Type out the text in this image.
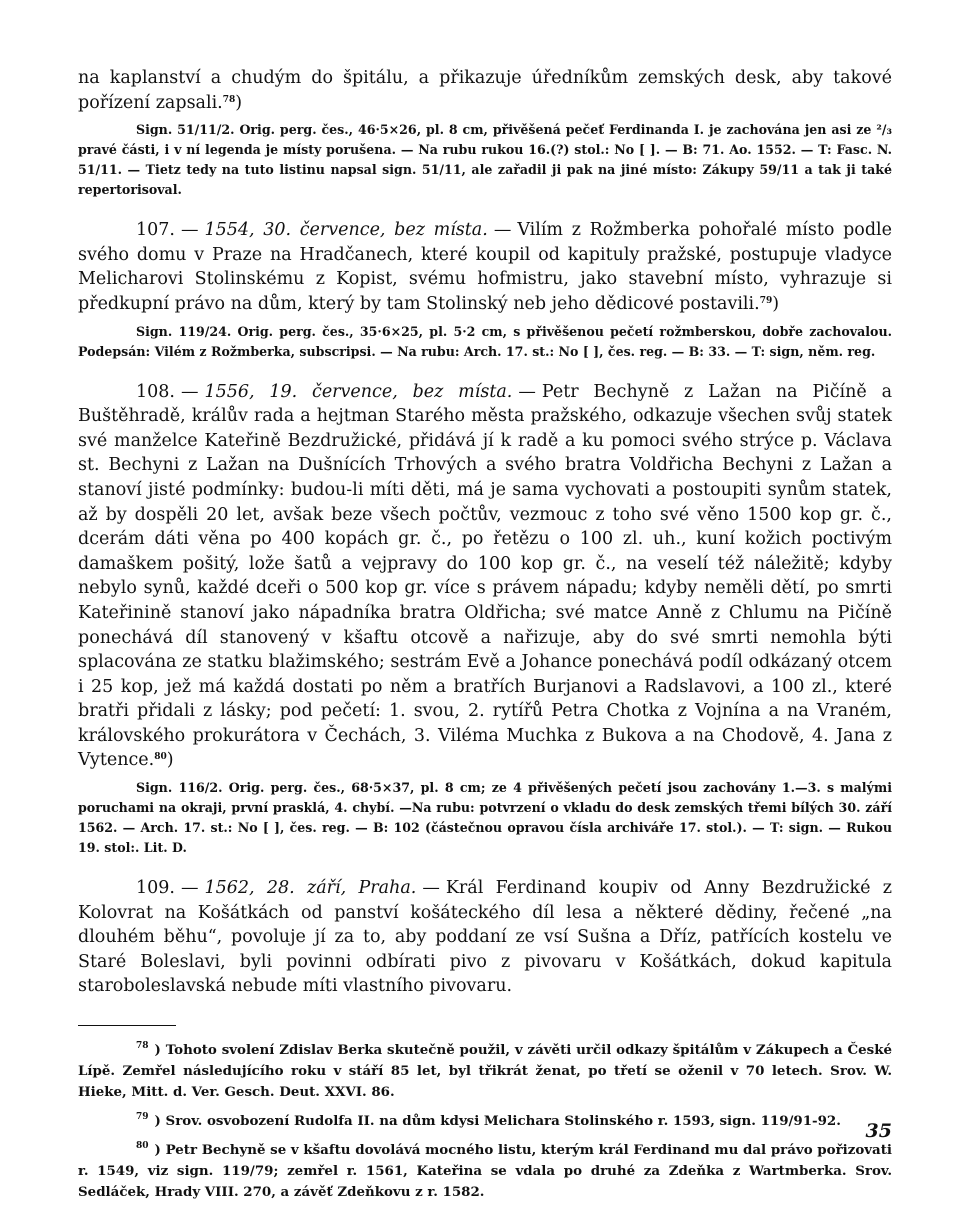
na kaplanství a chudým do špitálu, a přikazuje úředníkům zemských desk, aby takové pořízení zapsali.$^{78}$)

Sign. 51/11/2. Orig. perg. čes., 46·5×26, pl. 8 cm, přivěšená pečeť Ferdinanda I. je zachována jen asi ze ²/₃ pravé části, i v ní legenda je místy porušena. — Na rubu rukou 16.(?) stol.: No [ ]. — B: 71. Ao. 1552. — T: Fasc. N. 51/11. — Tietz tedy na tuto listinu napsal sign. 51/11, ale zařadil ji pak na jiné místo: Zákupy 59/11 a tak ji také repertorisoval.

107. — 1554, 30. července, bez místa. — Vilím z Rožmberka pohořalé místo podle svého domu v Praze na Hradčanech, které koupil od kapituly pražské, postupuje vladyce Melicharovi Stolinskému z Kopist, svému hofmistru, jako stavební místo, vyhrazuje si předkupní právo na dům, který by tam Stolinský neb jeho dědicové postavili.$^{79}$)

Sign. 119/24. Orig. perg. čes., 35·6×25, pl. 5·2 cm, s přivěšenou pečetí rožmberskou, dobře zachovalou. Podepsán: Vilém z Rožmberka, subscripsi. — Na rubu: Arch. 17. st.: No [ ], čes. reg. — B: 33. — T: sign, něm. reg.

108. — 1556, 19. července, bez místa. — Petr Bechyně z Lažan na Pičíně a Buštěhradě, králův rada a hejtman Starého města pražského, odkazuje všechen svůj statek své manželce Kateřině Bezdružické, přidává jí k radě a ku pomoci svého strýce p. Václava st. Bechyni z Lažan na Dušnících Trhových a svého bratra Voldřicha Bechyni z Lažan a stanoví jisté podmínky: budou-li míti děti, má je sama vychovati a postoupiti synům statek, až by dospěli 20 let, avšak beze všech počtův, vezmouc z toho své věno 1500 kop gr. č., dcerám dáti věna po 400 kopách gr. č., po řetězu o 100 zl. uh., kuní kožich poctivým damaškem pošitý, lože šatů a vejpravy do 100 kop gr. č., na veselí též náležitě; kdyby nebylo synů, každé dceři o 500 kop gr. více s právem nápadu; kdyby neměli dětí, po smrti Kateřinině stanoví jako nápadníka bratra Oldřicha; své matce Anně z Chlumu na Pičíně ponechává díl stanovený v kšaftu otcově a nařizuje, aby do své smrti nemohla býti splacována ze statku blažimského; sestrám Evě a Johance ponechává podíl odkázaný otcem i 25 kop, jež má každá dostati po něm a bratřích Burjanovi a Radslavovi, a 100 zl., které bratři přidali z lásky; pod pečetí: 1. svou, 2. rytířů Petra Chotka z Vojnína a na Vraném, královského prokurátora v Čechách, 3. Viléma Muchka z Bukova a na Chodově, 4. Jana z Vytence.$^{80}$)

Sign. 116/2. Orig. perg. čes., 68·5×37, pl. 8 cm; ze 4 přivěšených pečetí jsou zachovány 1.—3. s malými poruchami na okraji, první prasklá, 4. chybí. —Na rubu: potvrzení o vkladu do desk zemských třemi bílých 30. září 1562. — Arch. 17. st.: No [ ], čes. reg. — B: 102 (částečnou opravou čísla archiváře 17. stol.). — T: sign. — Rukou 19. stol:. Lit. D.

109. — 1562, 28. září, Praha. — Král Ferdinand koupiv od Anny Bezdružické z Kolovrat na Košátkách od panství košáteckého díl lesa a některé dědiny, řečené „na dlouhém běhu“, povoluje jí za to, aby poddaní ze vsí Sušna a Dříz, patřících kostelu ve Staré Boleslavi, byli povinni odbírati pivo z pivovaru v Košátkách, dokud kapitula staroboleslavská nebude míti vlastního pivovaru.

$^{78}$ ) Tohoto svolení Zdislav Berka skutečně použil, v závěti určil odkazy špitálům v Zákupech a České Lípě. Zemřel následujícího roku v stáří 85 let, byl třikrát ženat, po třetí se oženil v 70 letech. Srov. W. Hieke, Mitt. d. Ver. Gesch. Deut. XXVI. 86.

$^{79}$ ) Srov. osvobození Rudolfa II. na dům kdysi Melichara Stolinského r. 1593, sign. 119/91-92.

$^{80}$ ) Petr Bechyně se v kšaftu dovolává mocného listu, kterým král Ferdinand mu dal právo pořizovati r. 1549, viz sign. 119/79; zemřel r. 1561, Kateřina se vdala po druhé za Zdeňka z Wartmberka. Srov. Sedláček, Hrady VIII. 270, a závěť Zdeňkovu z r. 1582.

35
